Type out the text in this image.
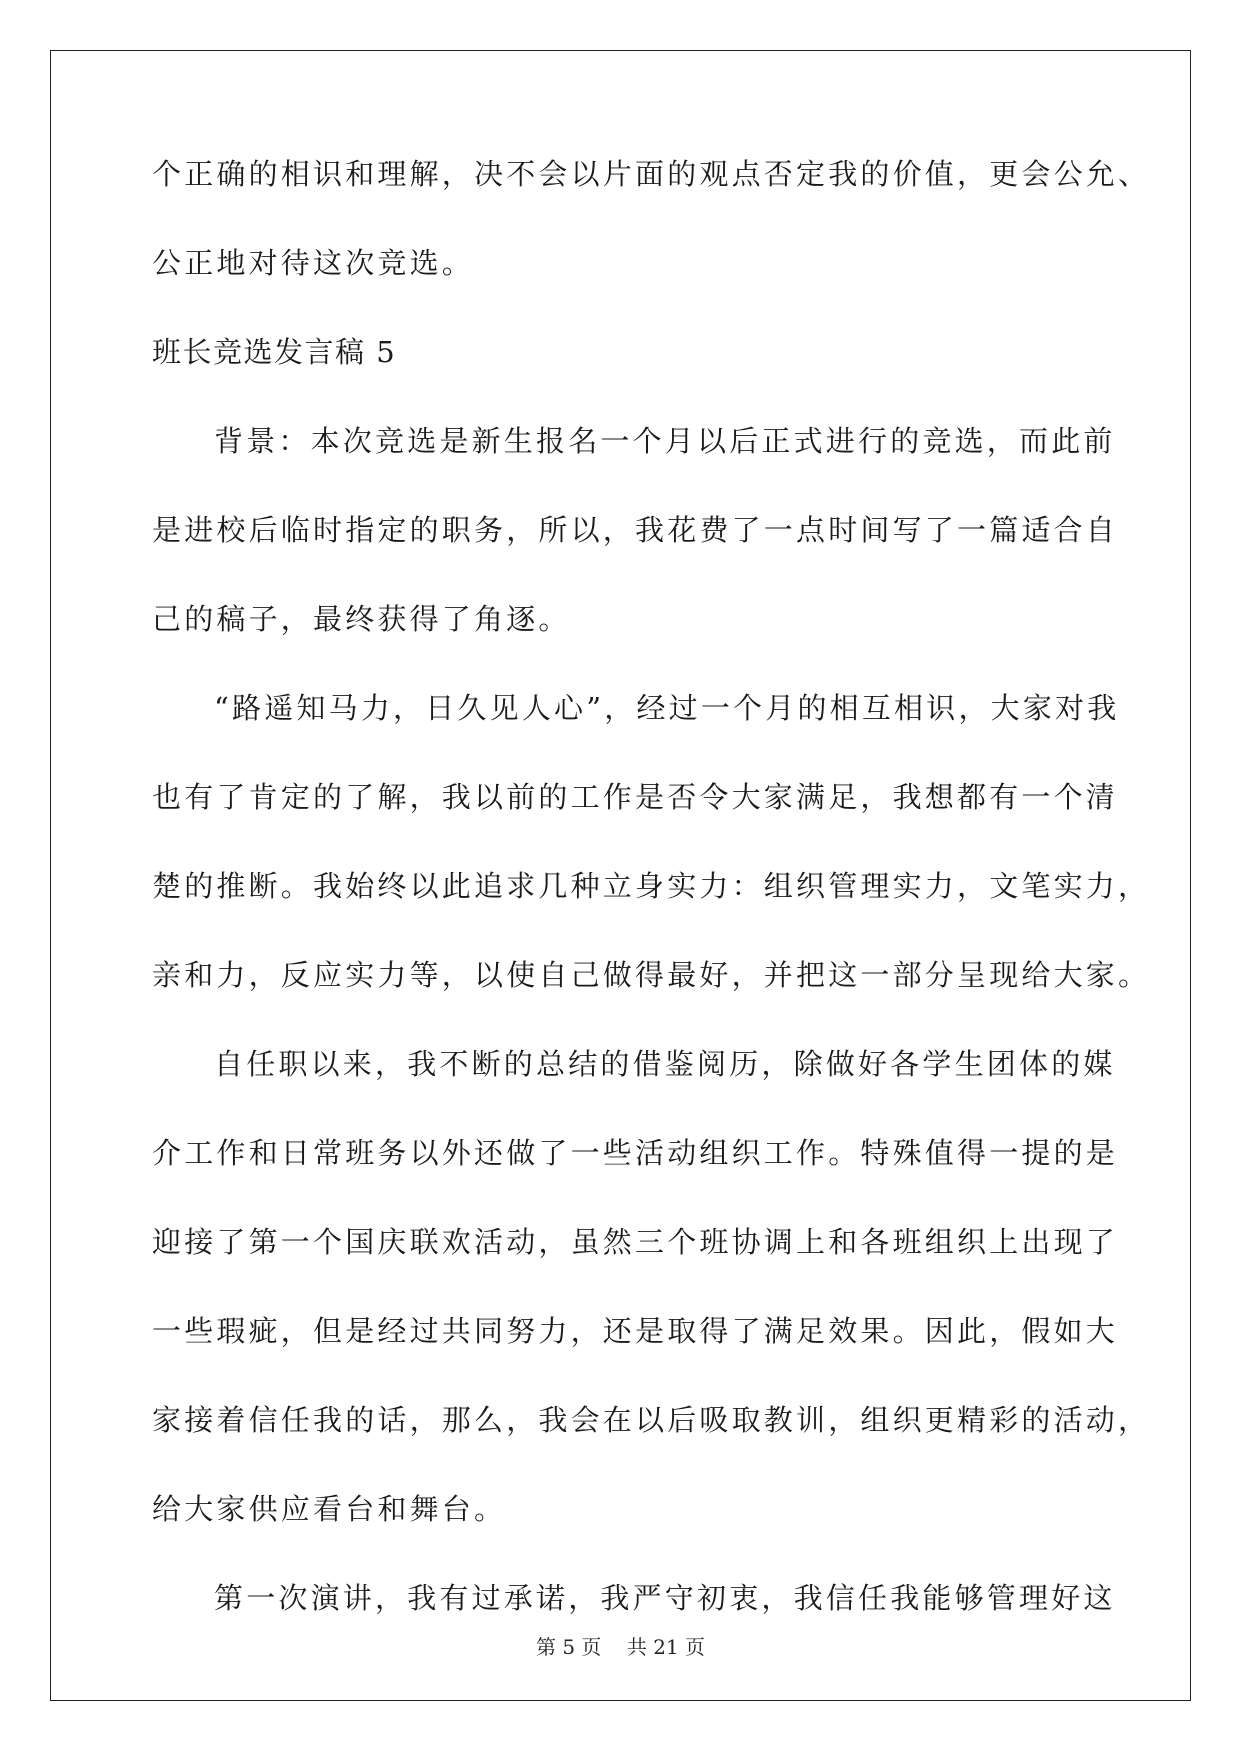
个正确的相识和理解，决不会以片面的观点否定我的价值，更会公允、
公正地对待这次竞选。
班长竞选发言稿 5
背景：本次竞选是新生报名一个月以后正式进行的竞选，而此前
是进校后临时指定的职务，所以，我花费了一点时间写了一篇适合自
己的稿子，最终获得了角逐。
“路遥知马力，日久见人心”，经过一个月的相互相识，大家对我
也有了肯定的了解，我以前的工作是否令大家满足，我想都有一个清
楚的推断。我始终以此追求几种立身实力：组织管理实力，文笔实力，
亲和力，反应实力等，以使自己做得最好，并把这一部分呈现给大家。
自任职以来，我不断的总结的借鉴阅历，除做好各学生团体的媒
介工作和日常班务以外还做了一些活动组织工作。特殊值得一提的是
迎接了第一个国庆联欢活动，虽然三个班协调上和各班组织上出现了
一些瑕疵，但是经过共同努力，还是取得了满足效果。因此，假如大
家接着信任我的话，那么，我会在以后吸取教训，组织更精彩的活动，
给大家供应看台和舞台。
第一次演讲，我有过承诺，我严守初衷，我信任我能够管理好这
第 5 页 共 21 页
